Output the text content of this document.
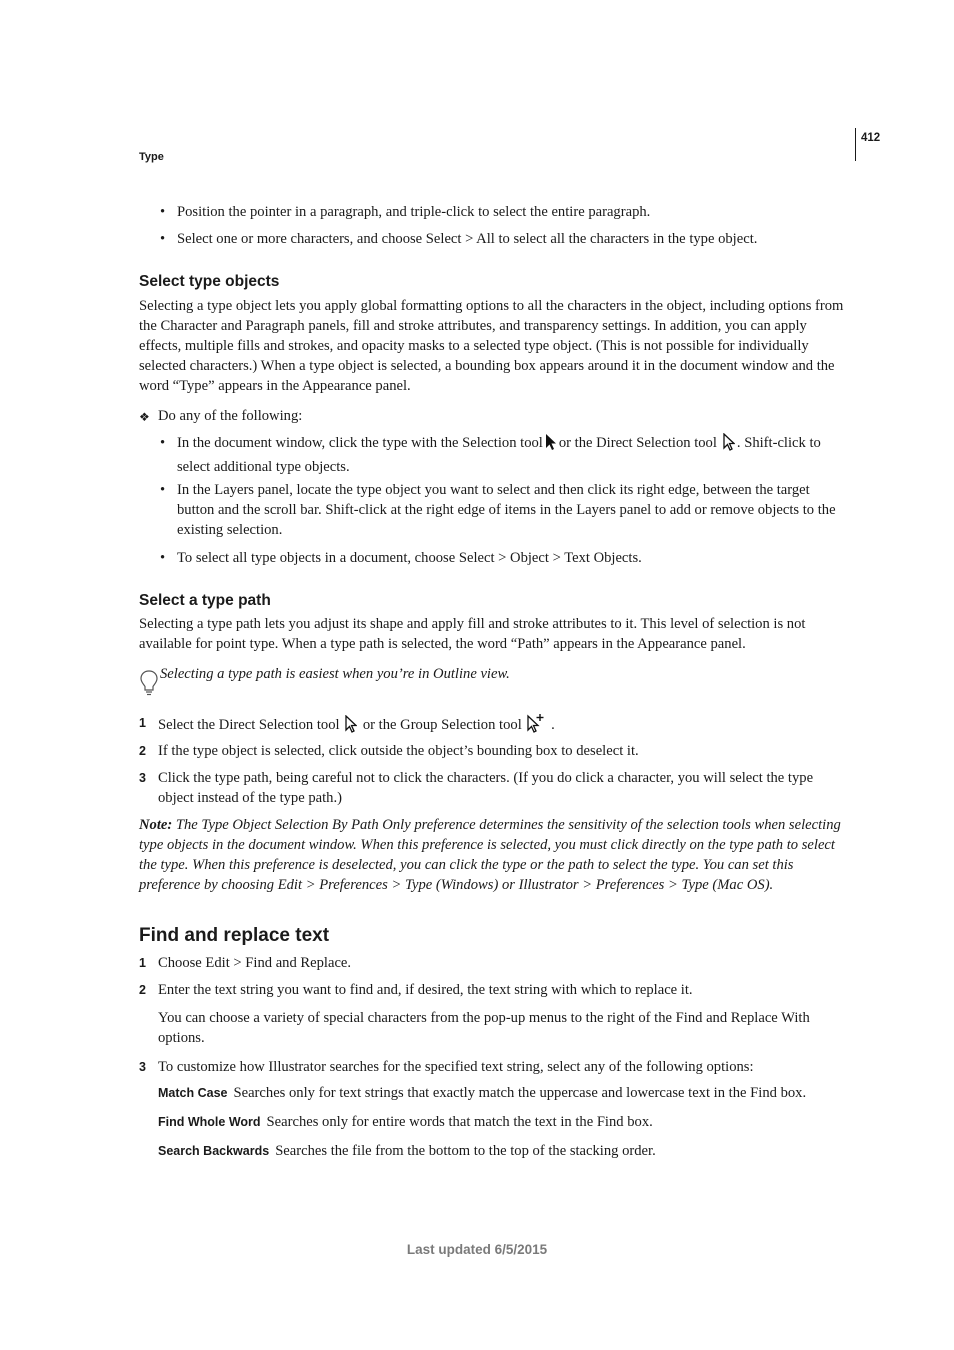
412
Type
• Position the pointer in a paragraph, and triple-click to select the entire paragraph.
• Select one or more characters, and choose Select > All to select all the characters in the type object.
Select type objects
Selecting a type object lets you apply global formatting options to all the characters in the object, including options from the Character and Paragraph panels, fill and stroke attributes, and transparency settings. In addition, you can apply effects, multiple fills and strokes, and opacity masks to a selected type object. (This is not possible for individually selected characters.) When a type object is selected, a bounding box appears around it in the document window and the word “Type” appears in the Appearance panel.
❖ Do any of the following:
• In the document window, click the type with the Selection tool or the Direct Selection tool . Shift-click to select additional type objects.
• In the Layers panel, locate the type object you want to select and then click its right edge, between the target button and the scroll bar. Shift-click at the right edge of items in the Layers panel to add or remove objects to the existing selection.
• To select all type objects in a document, choose Select > Object > Text Objects.
Select a type path
Selecting a type path lets you adjust its shape and apply fill and stroke attributes to it. This level of selection is not available for point type. When a type path is selected, the word “Path” appears in the Appearance panel.
Selecting a type path is easiest when you’re in Outline view.
1 Select the Direct Selection tool or the Group Selection tool .
2 If the type object is selected, click outside the object’s bounding box to deselect it.
3 Click the type path, being careful not to click the characters. (If you do click a character, you will select the type object instead of the type path.)
Note: The Type Object Selection By Path Only preference determines the sensitivity of the selection tools when selecting type objects in the document window. When this preference is selected, you must click directly on the type path to select the type. When this preference is deselected, you can click the type or the path to select the type. You can set this preference by choosing Edit > Preferences > Type (Windows) or Illustrator > Preferences > Type (Mac OS).
Find and replace text
1 Choose Edit > Find and Replace.
2 Enter the text string you want to find and, if desired, the text string with which to replace it.
You can choose a variety of special characters from the pop-up menus to the right of the Find and Replace With options.
3 To customize how Illustrator searches for the specified text string, select any of the following options:
Match Case Searches only for text strings that exactly match the uppercase and lowercase text in the Find box.
Find Whole Word Searches only for entire words that match the text in the Find box.
Search Backwards Searches the file from the bottom to the top of the stacking order.
Last updated 6/5/2015
